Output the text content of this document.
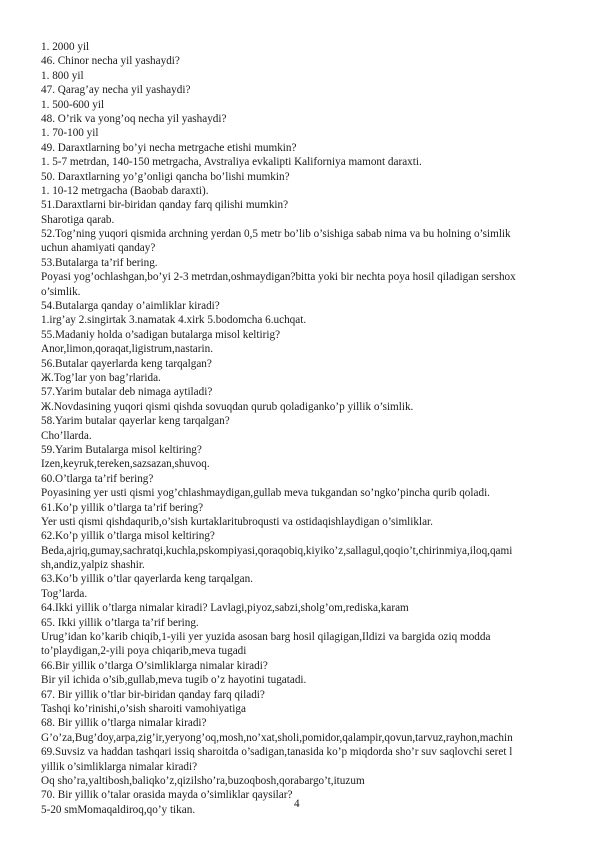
1. 2000 yil
46. Chinor necha yil yashaydi?
1. 800 yil
47. Qarag’ay necha yil yashaydi?
1. 500-600 yil
48. O’rik va yong’oq necha yil yashaydi?
1. 70-100 yil
49. Daraxtlarning bo’yi necha metrgache etishi mumkin?
1. 5-7 metrdan, 140-150 metrgacha, Avstraliya evkalipti Kaliforniya mamont daraxti.
50. Daraxtlarning yo’g’onligi qancha bo’lishi mumkin?
1. 10-12 metrgacha (Baobab daraxti).
51.Daraxtlarni bir-biridan qanday farq qilishi mumkin?
Sharotiga qarab.
52.Tog’ning yuqori qismida archning yerdan 0,5 metr bo’lib o’sishiga sabab nima va bu holning o’simlik
uchun ahamiyati qanday?
53.Butalarga ta’rif bering.
Poyasi yog’ochlashgan,bo’yi 2-3 metrdan,oshmaydigan?bitta yoki bir nechta poya hosil qiladigan sershox
o’simlik.
54.Butalarga qanday o’aimliklar kiradi?
1.irg’ay 2.singirtak 3.namatak 4.xirk 5.bodomcha 6.uchqat.
55.Madaniy holda o’sadigan butalarga misol keltirig?
Anor,limon,qoraqat,ligistrum,nastarin.
56.Butalar qayerlarda keng tarqalgan?
Ж.Tog’lar yon bag’rlarida.
57.Yarim butalar deb nimaga aytiladi?
Ж.Novdasining yuqori qismi qishda sovuqdan qurub qoladiganko’p yillik o’simlik.
58.Yarim butalar qayerlar keng tarqalgan?
Cho’llarda.
59.Yarim Butalarga misol keltiring?
Izen,keyruk,tereken,sazsazan,shuvoq.
60.O’tlarga ta’rif bering?
Poyasining yer usti qismi yog’chlashmaydigan,gullab meva tukgandan so’ngko’pincha qurib qoladi.
61.Ko’p yillik o’tlarga ta’rif bering?
Yer usti qismi qishdaqurib,o’sish kurtaklaritubroqusti va ostidaqishlaydigan o’simliklar.
62.Ko’p yillik o’tlarga misol keltiring?
Beda,ajriq,gumay,sachratqi,kuchla,pskompiyasi,qoraqobiq,kiyiko’z,sallagul,qoqio’t,chirinmiya,iloq,qami
sh,andiz,yalpiz shashir.
63.Ko’b yillik o’tlar qayerlarda keng tarqalgan.
Tog’larda.
64.Ikki yillik o’tlarga nimalar kiradi? Lavlagi,piyoz,sabzi,sholg’om,rediska,karam
65. Ikki yillik o’tlarga ta’rif bering.
Urug’idan ko’karib chiqib,1-yili yer yuzida asosan barg hosil qilagigan,Ildizi va bargida oziq modda
to’playdigan,2-yili poya chiqarib,meva tugadi
66.Bir yillik o’tlarga O’simliklarga nimalar kiradi?
Bir yil ichida o’sib,gullab,meva tugib o’z hayotini tugatadi.
67. Bir yillik o’tlar bir-biridan qanday farq qiladi?
Tashqi ko’rinishi,o’sish sharoiti vamohiyatiga
68. Bir yillik o’tlarga nimalar kiradi?
G’o’za,Bug’doy,arpa,zig’ir,yeryong’oq,mosh,no’xat,sholi,pomidor,qalampir,qovun,tarvuz,rayhon,machin
69.Suvsiz va haddan tashqari issiq sharoitda o’sadigan,tanasida ko’p miqdorda sho’r suv saqlovchi seret l
yillik o’simliklarga nimalar kiradi?
Oq sho’ra,yaltibosh,baliqko’z,qizilsho’ra,buzoqbosh,qorabargo’t,ituzum
70. Bir yillik o’talar orasida mayda o’simliklar qaysilar?
5-20 smMomaqaldiroq,qo’y tikan.	4
